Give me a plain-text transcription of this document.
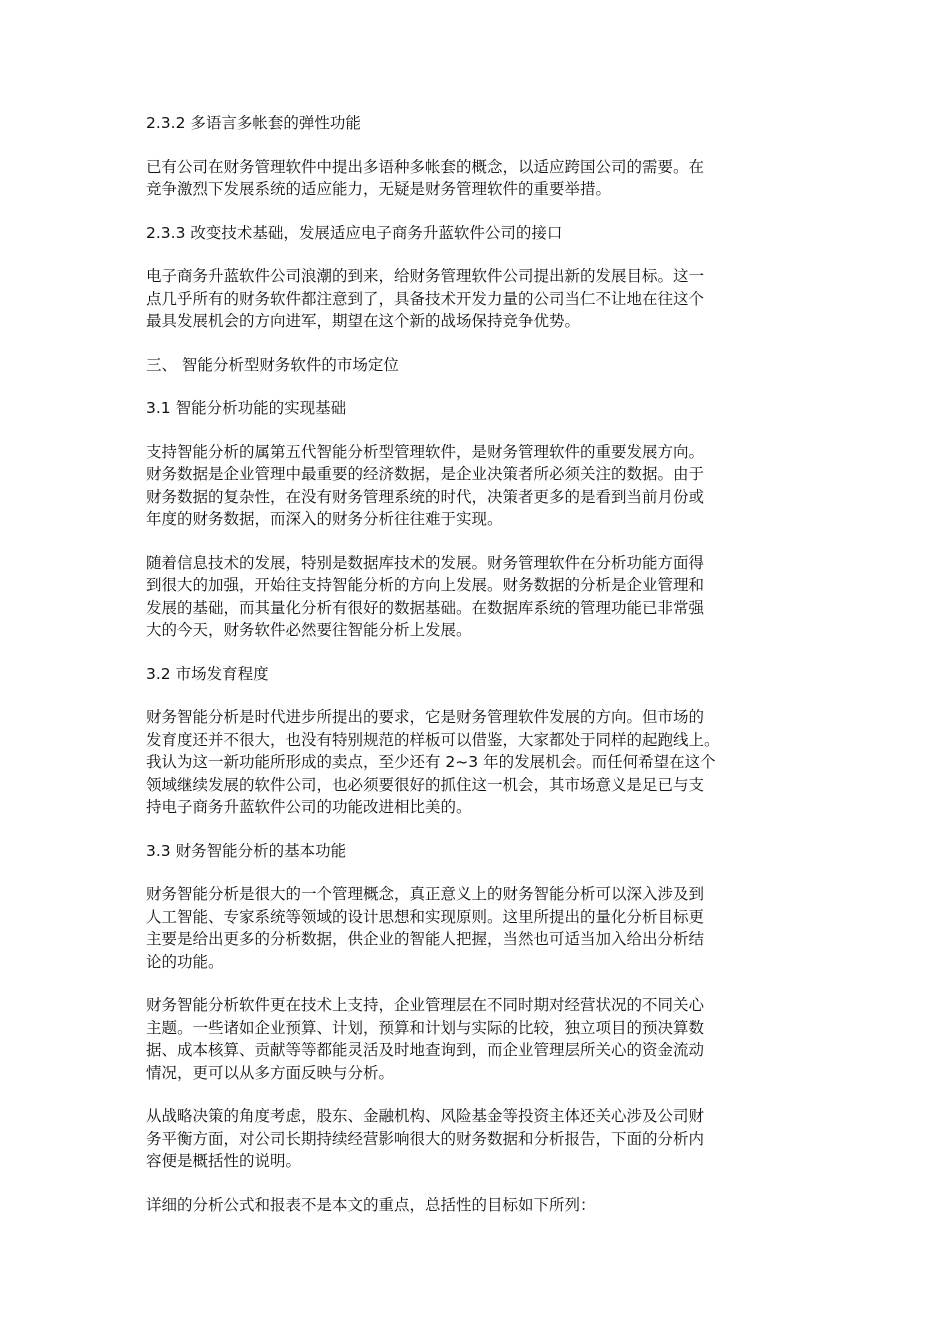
2.3.2 多语言多帐套的弹性功能
已有公司在财务管理软件中提出多语种多帐套的概念，以适应跨国公司的需要。在
竞争激烈下发展系统的适应能力，无疑是财务管理软件的重要举措。
2.3.3 改变技术基础，发展适应电子商务升蓝软件公司的接口
电子商务升蓝软件公司浪潮的到来，给财务管理软件公司提出新的发展目标。这一
点几乎所有的财务软件都注意到了，具备技术开发力量的公司当仁不让地在往这个
最具发展机会的方向进军，期望在这个新的战场保持竞争优势。
三、 智能分析型财务软件的市场定位
3.1 智能分析功能的实现基础
支持智能分析的属第五代智能分析型管理软件，是财务管理软件的重要发展方向。
财务数据是企业管理中最重要的经济数据，是企业决策者所必须关注的数据。由于
财务数据的复杂性，在没有财务管理系统的时代，决策者更多的是看到当前月份或
年度的财务数据，而深入的财务分析往往难于实现。
随着信息技术的发展，特别是数据库技术的发展。财务管理软件在分析功能方面得
到很大的加强，开始往支持智能分析的方向上发展。财务数据的分析是企业管理和
发展的基础，而其量化分析有很好的数据基础。在数据库系统的管理功能已非常强
大的今天，财务软件必然要往智能分析上发展。
3.2 市场发育程度
财务智能分析是时代进步所提出的要求，它是财务管理软件发展的方向。但市场的
发育度还并不很大，也没有特别规范的样板可以借鉴，大家都处于同样的起跑线上。
我认为这一新功能所形成的卖点，至少还有 2~3 年的发展机会。而任何希望在这个
领域继续发展的软件公司，也必须要很好的抓住这一机会，其市场意义是足已与支
持电子商务升蓝软件公司的功能改进相比美的。
3.3 财务智能分析的基本功能
财务智能分析是很大的一个管理概念，真正意义上的财务智能分析可以深入涉及到
人工智能、专家系统等领域的设计思想和实现原则。这里所提出的量化分析目标更
主要是给出更多的分析数据，供企业的智能人把握，当然也可适当加入给出分析结
论的功能。
财务智能分析软件更在技术上支持，企业管理层在不同时期对经营状况的不同关心
主题。一些诸如企业预算、计划，预算和计划与实际的比较，独立项目的预决算数
据、成本核算、贡献等等都能灵活及时地查询到，而企业管理层所关心的资金流动
情况，更可以从多方面反映与分析。
从战略决策的角度考虑，股东、金融机构、风险基金等投资主体还关心涉及公司财
务平衡方面，对公司长期持续经营影响很大的财务数据和分析报告，下面的分析内
容便是概括性的说明。
详细的分析公式和报表不是本文的重点，总括性的目标如下所列：
